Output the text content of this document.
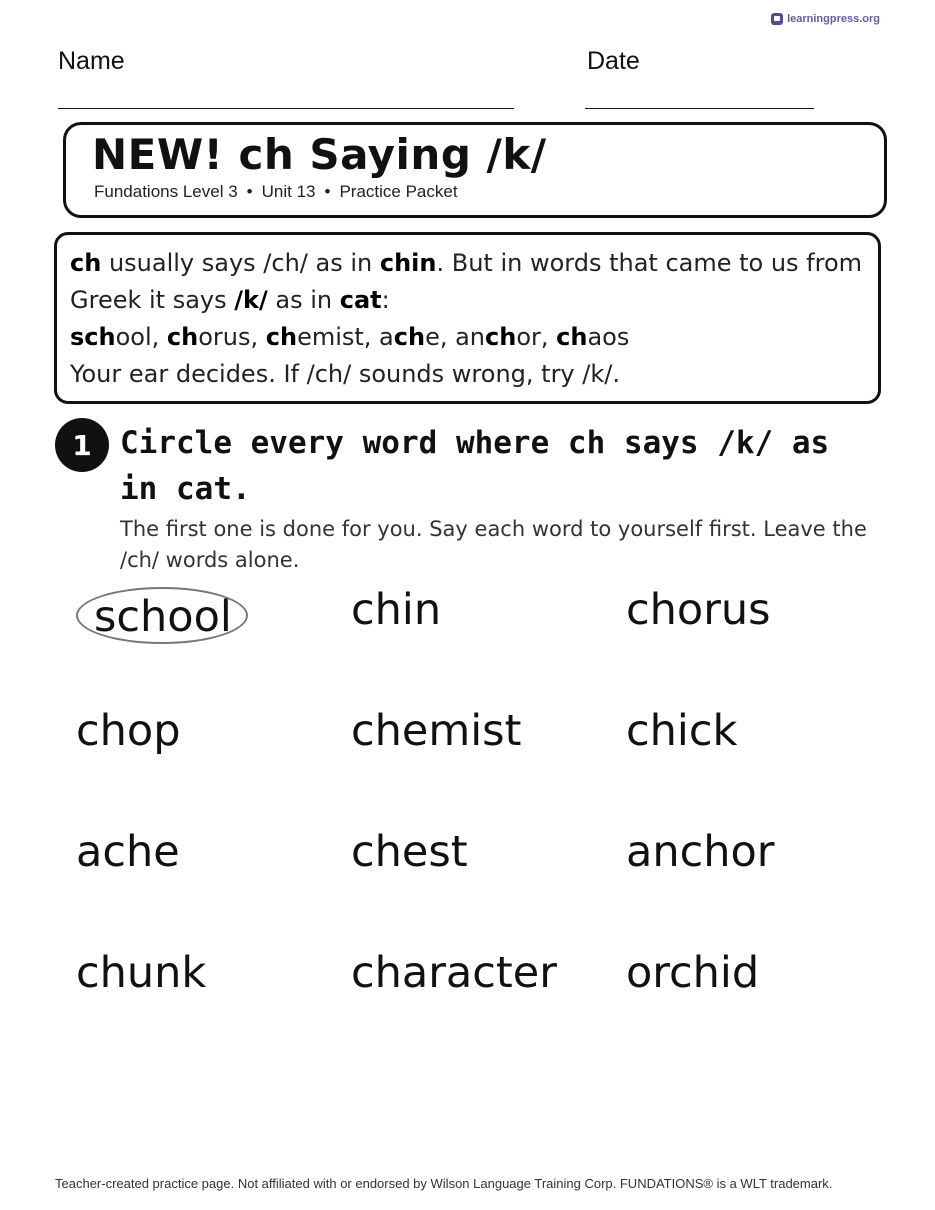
learningpress.org
Name	Date
NEW! ch Saying /k/
Fundations Level 3 • Unit 13 • Practice Packet
ch usually says /ch/ as in chin. But in words that came to us from
Greek it says /k/ as in cat:
school, chorus, chemist, ache, anchor, chaos
Your ear decides. If /ch/ sounds wrong, try /k/.
1 Circle every word where ch says /k/ as in cat.

The first one is done for you. Say each word to yourself first. Leave the /ch/ words alone.

school	chin	chorus
chop	chemist	chick
ache	chest	anchor
chunk	character	orchid
Teacher-created practice page. Not affiliated with or endorsed by Wilson Language Training Corp. FUNDATIONS® is a WLT trademark.
